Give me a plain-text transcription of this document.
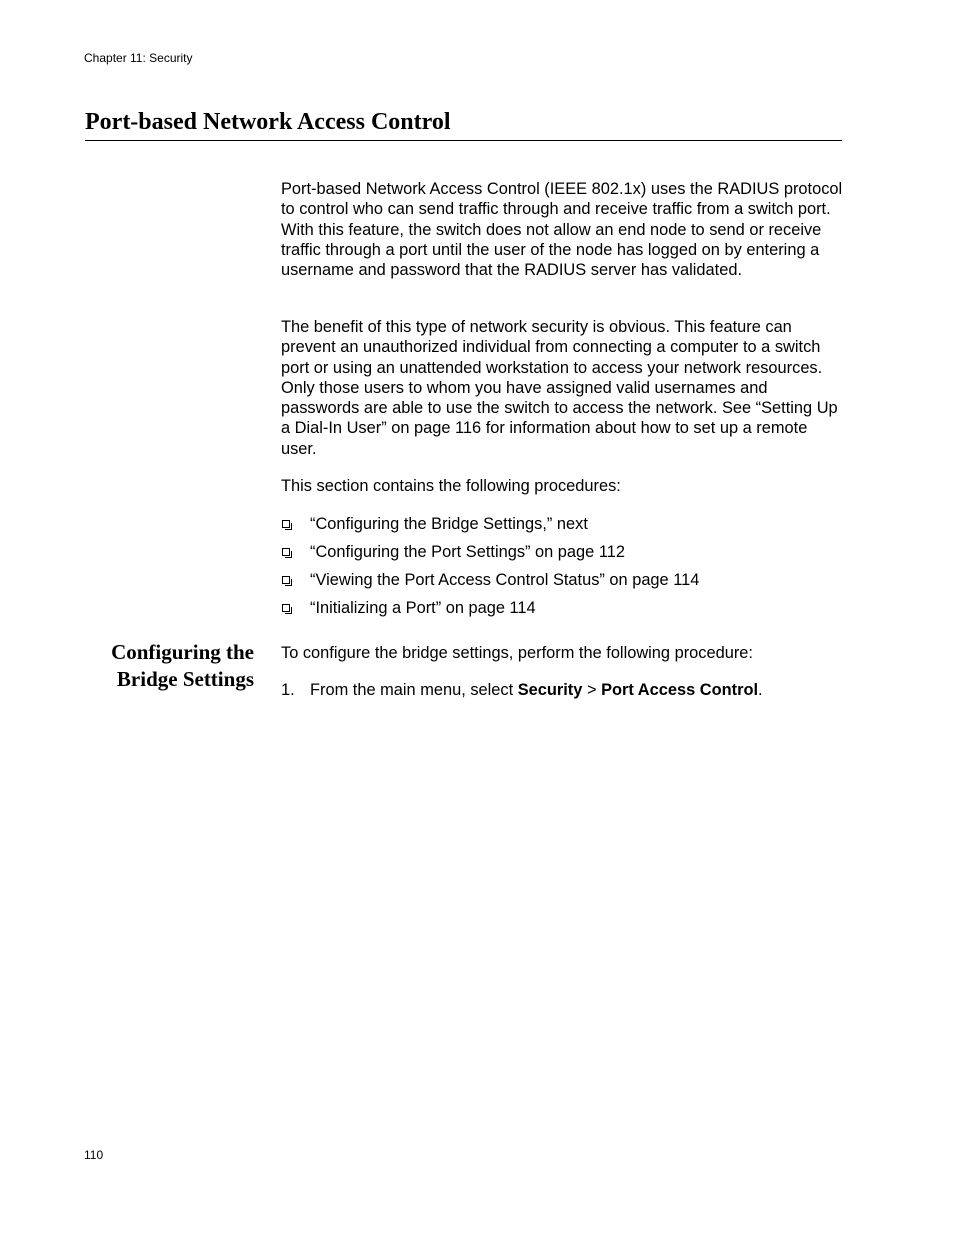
Chapter 11: Security
Port-based Network Access Control

Port-based Network Access Control (IEEE 802.1x) uses the RADIUS protocol to control who can send traffic through and receive traffic from a switch port. With this feature, the switch does not allow an end node to send or receive traffic through a port until the user of the node has logged on by entering a username and password that the RADIUS server has validated.

The benefit of this type of network security is obvious. This feature can prevent an unauthorized individual from connecting a computer to a switch port or using an unattended workstation to access your network resources. Only those users to whom you have assigned valid usernames and passwords are able to use the switch to access the network. See “Setting Up a Dial-In User” on page 116 for information about how to set up a remote user.

This section contains the following procedures:

“Configuring the Bridge Settings,” next
“Configuring the Port Settings” on page 112
“Viewing the Port Access Control Status” on page 114
“Initializing a Port” on page 114
Configuring the
Bridge Settings

To configure the bridge settings, perform the following procedure:

1. From the main menu, select Security > Port Access Control.
110
